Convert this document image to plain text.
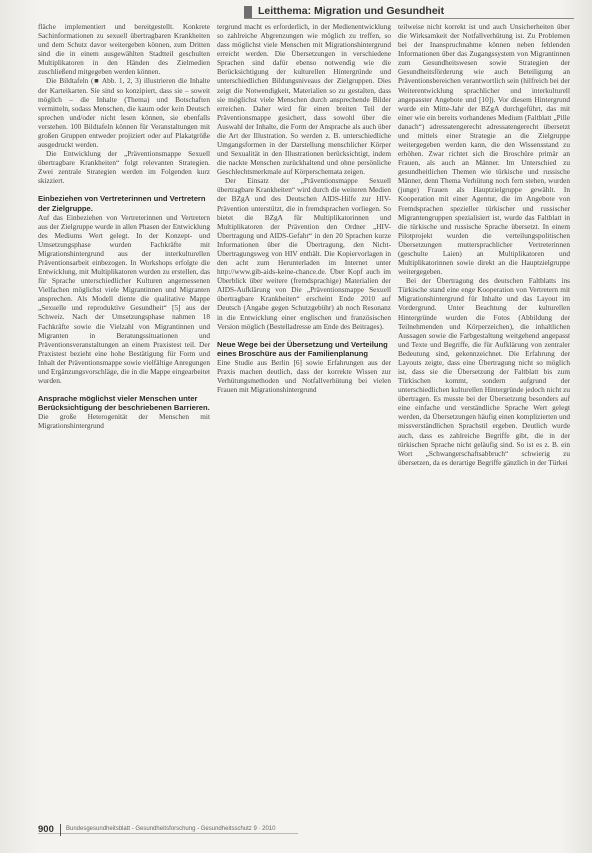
Leitthema: Migration und Gesundheit

fläche implementiert und bereitgestellt. Konkrete Sachinformationen zu sexuell übertragbaren Krankheiten und dem Schutz davor weitergeben können, zum Dritten sind die in einem ausgewählten Stadtteil geschulten Multiplikatoren in den Händen des Zielmedien zuschließend mitgegeben werden können.

Die Bildtafeln (■ Abb. 1, 2, 3) illustrieren die Inhalte der Karteikarten. Sie sind so konzipiert, dass sie – soweit möglich – die Inhalte (Thema) und Botschaften vermitteln, sodass Menschen, die kaum oder kein Deutsch sprechen und/oder nicht lesen können, sie ebenfalls verstehen. 100 Bildtafeln können für Veranstaltungen mit großen Gruppen entweder projiziert oder auf Plakatgröße ausgedruckt werden.

Die Entwicklung der „Präventionsmappe Sexuell übertragbare Krankheiten“ folgt relevanten Strategien. Zwei zentrale Strategien werden im Folgenden kurz skizziert.

Einbeziehen von Vertreterinnen und Vertretern der Zielgruppe.

Auf das Einbeziehen von Vertreterinnen und Vertretern aus der Zielgruppe wurde in allen Phasen der Entwicklung des Mediums Wert gelegt. In der Konzept- und Umsetzungsphase wurden Fachkräfte mit Migrationshintergrund aus der interkulturellen Präventionsarbeit einbezogen. In Workshops erfolgte die Entwicklung, mit Multiplikatoren wurden zu erstellen, das für Sprache unterschiedlicher Kulturen angemessenen Vielfachen möglichst viele Migrantinnen und Migranten ansprechen. Als Modell diente die qualitative Mappe „Sexuelle und reproduktive Gesundheit“ [5] aus der Schweiz. Nach der Umsetzungsphase nahmen 18 Fachkräfte sowie die Vielzahl von Migrantinnen und Migranten in Beratungssituationen und Präventionsveranstaltungen an einem Praxistest teil. Der Praxistest bezieht eine hohe Bestätigung für Form und Inhalt der Präventionsmappe sowie vielfältige Anregungen und Ergänzungsvorschläge, die in die Mappe eingearbeitet wurden.

Ansprache möglichst vieler Menschen unter Berücksichtigung der beschriebenen Barrieren.

Die große Heterogenität der Menschen mit Migrationshintergrund

tergrund macht es erforderlich, in der Medienentwicklung so zahlreiche Abgrenzungen wie möglich zu treffen, so dass möglichst viele Menschen mit Migrationshintergrund erreicht werden. Die Übersetzungen in verschiedene Sprachen sind dafür ebenso notwendig wie die Berücksichtigung der kulturellen Hintergründe und unterschiedlichen Bildungsniveaus der Zielgruppen. Dies zeigt die Notwendigkeit, Materialien so zu gestalten, dass sie möglichst viele Menschen durch ansprechende Bilder erreichen. Daher wird für einen breiten Teil der Präventionsmappe gesichert, dass sowohl über die Auswahl der Inhalte, die Form der Ansprache als auch über die Art der Illustration. So werden z. B. unterschiedliche Umgangsformen in der Darstellung menschlicher Körper und Sexualität in den Illustrationen berücksichtigt, indem die nackte Menschen zurückhaltend und ohne persönliche Geschlechtsmerkmale auf Körperschemata zeigen.

Der Einsatz der „Präventionsmappe Sexuell übertragbare Krankheiten“ wird durch die weiteren Medien der BZgA und des Deutschen AIDS-Hilfe zur HIV-Prävention unterstützt, die in fremdsprachen vorliegen. So bietet die BZgA für Multiplikatorinnen und Multiplikatoren der Prävention den Ordner „HIV-Übertragung und AIDS-Gefahr“ in den 20 Sprachen kurze Informationen über die Übertragung, den Nicht-Übertragungsweg von HIV enthält. Die Kopiervorlagen in den acht zum Herunterladen im Internet unter http://www.gib-aids-keine-chance.de. Über Kopf auch im Überblick über weitere (fremdsprachige) Materialien der AIDS-Aufklärung von Die „Präventionsmappe Sexuell übertragbare Krankheiten“ erscheint Ende 2010 auf Deutsch (Angabe gegen Schutzgebühr) ab noch Resonanz in die Entwicklung einer englischen und französischen Version möglich (Bestelladresse am Ende des Beitrages).

Neue Wege bei der Übersetzung und Verteilung eines Broschüre aus der Familienplanung

Eine Studie aus Berlin [6] sowie Erfahrungen aus der Praxis machen deutlich, dass der korrekte Wissen zur Verhütungsmethoden und Notfallverhütung bei vielen Frauen mit Migrationshintergrund

teilweise nicht korrekt ist und auch Unsicherheiten über die Wirksamkeit der Notfallverhütung ist. Zu Problemen bei der Inanspruchnahme können neben fehlenden Informationen über das Zugangssystem von Migrantinnen zum Gesundheitswesen sowie Strategien der Gesundheitsförderung wie auch Beteiligung an Präventionsbereichen verantwortlich sein (hilfreich bei der Weiterentwicklung sprachlicher und interkulturell angepasster Angebote und [10]). Vor diesem Hintergrund wurde ein Mitte-Jahr der BZgA durchgeführt, das mit einer wie ein bereits vorhandenes Medium (Faltblatt „Pille danach“) adressatengerecht adressatengerecht übersetzt und mittels einer Strategie an die Zielgruppe weitergegeben werden kann, die den Wissensstand zu erhöhen. Zwar richtet sich die Broschüre primär an Frauen, als auch an Männer. Im Unterschied zu gesundheitlichen Themen wie türkische und russische Männer, denn Thema Verhütung noch fern stehen, wurden (junge) Frauen als Hauptzielgruppe gewählt. In Kooperation mit einer Agentur, die im Angebote von Fremdsprachen spezieller türkischer und russischer Migrantengruppen spezialisiert ist, wurde das Faltblatt in die türkische und russische Sprache übersetzt. In einem Pilotprojekt wurden die verteilungspolitischen Übersetzungen muttersprachlicher Vertreterinnen (geschulte Laien) an Multiplikatoren und Multiplikatorinnen sowie direkt an die Hauptzielgruppe weitergegeben.

Bei der Übertragung des deutschen Faltblatts ins Türkische stand eine enge Kooperation von Vertretern mit Migrationshintergrund für Inhalte und das Layout im Vordergrund. Unter Beachtung der kulturellen Hintergründe wurden die Fotos (Abbildung der Teilnehmenden und Körperzeichen), die inhaltlichen Aussagen sowie die Farbgestaltung weitgehend angepasst und Texte und Begriffe, die für Aufklärung von zentraler Bedeutung sind, gekennzeichnet. Die Erfahrung der Layouts zeigte, dass eine Übertragung nicht so möglich ist, dass sie die Übersetzung der Faltblatt bis zum Türkischen kommt, sondern aufgrund der unterschiedlichen kulturellen Hintergründe jedoch nicht zu übertragen. Es musste bei der Übersetzung besonders auf eine einfache und verständliche Sprache Wert gelegt werden, da Übersetzungen häufig einen komplizierten und missverständlichen Sprachstil ergeben. Deutlich wurde auch, dass es zahlreiche Begriffe gibt, die in der türkischen Sprache nicht geläufig sind. So ist es z. B. ein Wort „Schwangerschaftsabbruch“ schwierig zu übersetzen, da es derartige Begriffe gänzlich in der Türkei

900 Bundesgesundheitsblatt - Gesundheitsforschung - Gesundheitsschutz 9 · 2010
